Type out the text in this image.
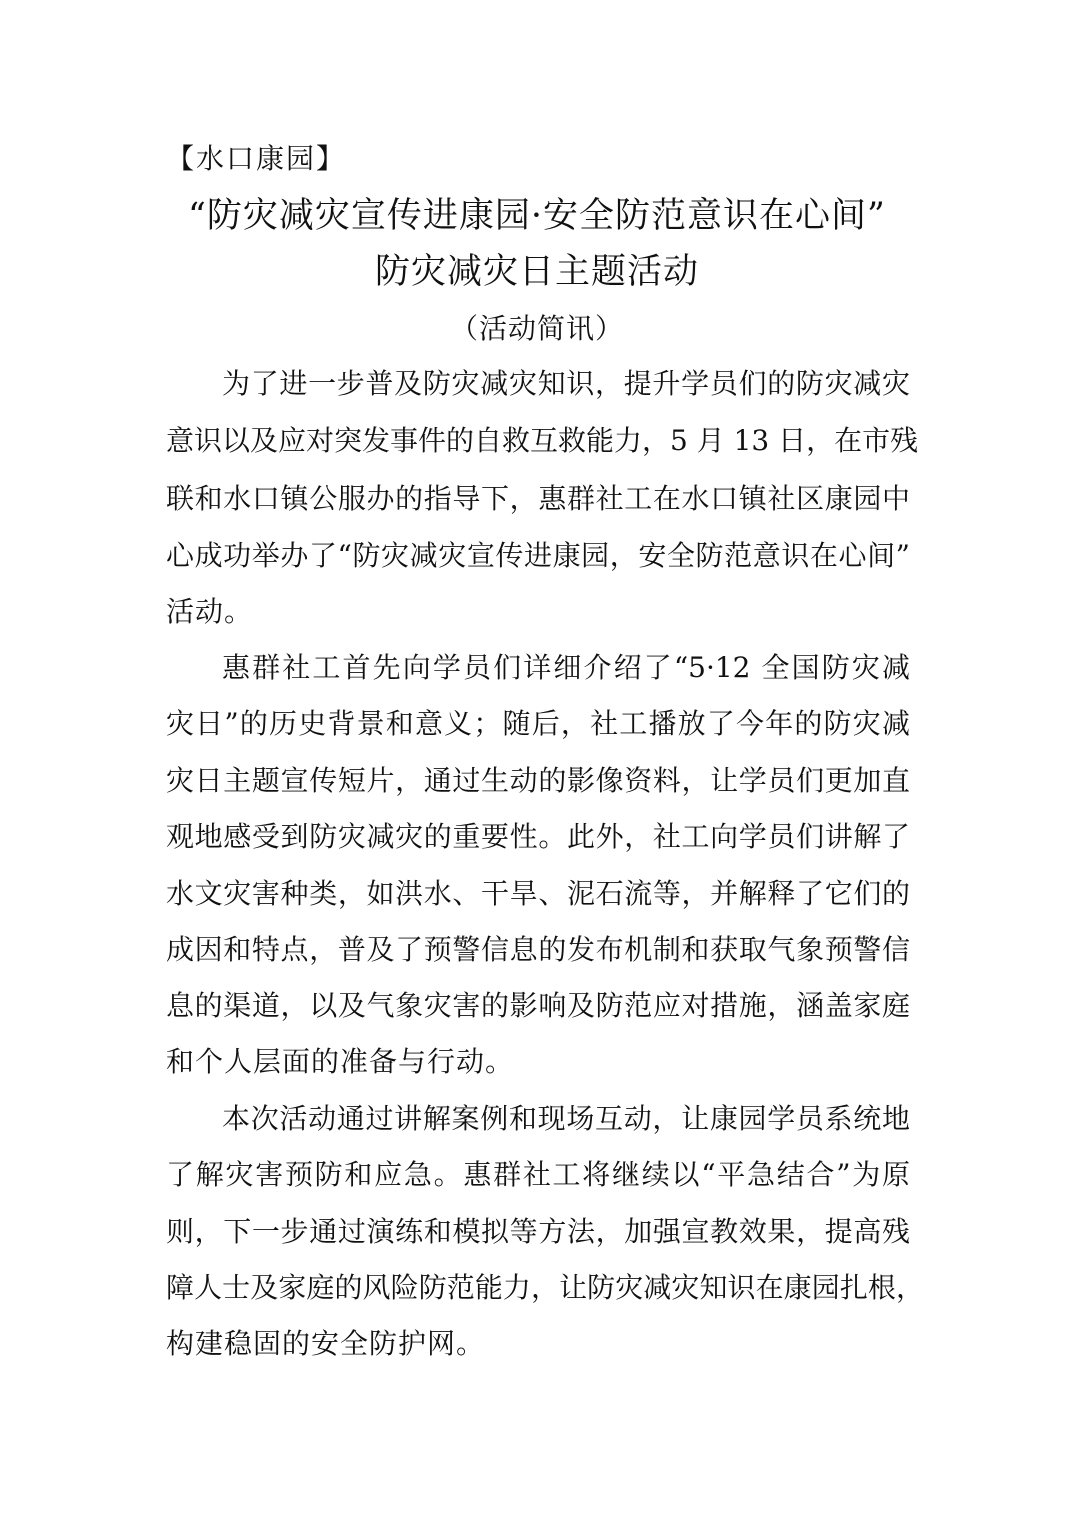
【水口康园】
“防灾减灾宣传进康园·安全防范意识在心间”
防灾减灾日主题活动
（活动简讯）
为了进一步普及防灾减灾知识，提升学员们的防灾减灾
意识以及应对突发事件的自救互救能力，5 月 13 日，在市残
联和水口镇公服办的指导下，惠群社工在水口镇社区康园中
心成功举办了“防灾减灾宣传进康园，安全防范意识在心间”
活动。
惠群社工首先向学员们详细介绍了“5·12 全国防灾减
灾日”的历史背景和意义；随后，社工播放了今年的防灾减
灾日主题宣传短片，通过生动的影像资料，让学员们更加直
观地感受到防灾减灾的重要性。此外，社工向学员们讲解了
水文灾害种类，如洪水、干旱、泥石流等，并解释了它们的
成因和特点，普及了预警信息的发布机制和获取气象预警信
息的渠道，以及气象灾害的影响及防范应对措施，涵盖家庭
和个人层面的准备与行动。
本次活动通过讲解案例和现场互动，让康园学员系统地
了解灾害预防和应急。惠群社工将继续以“平急结合”为原
则，下一步通过演练和模拟等方法，加强宣教效果，提高残
障人士及家庭的风险防范能力，让防灾减灾知识在康园扎根，
构建稳固的安全防护网。
